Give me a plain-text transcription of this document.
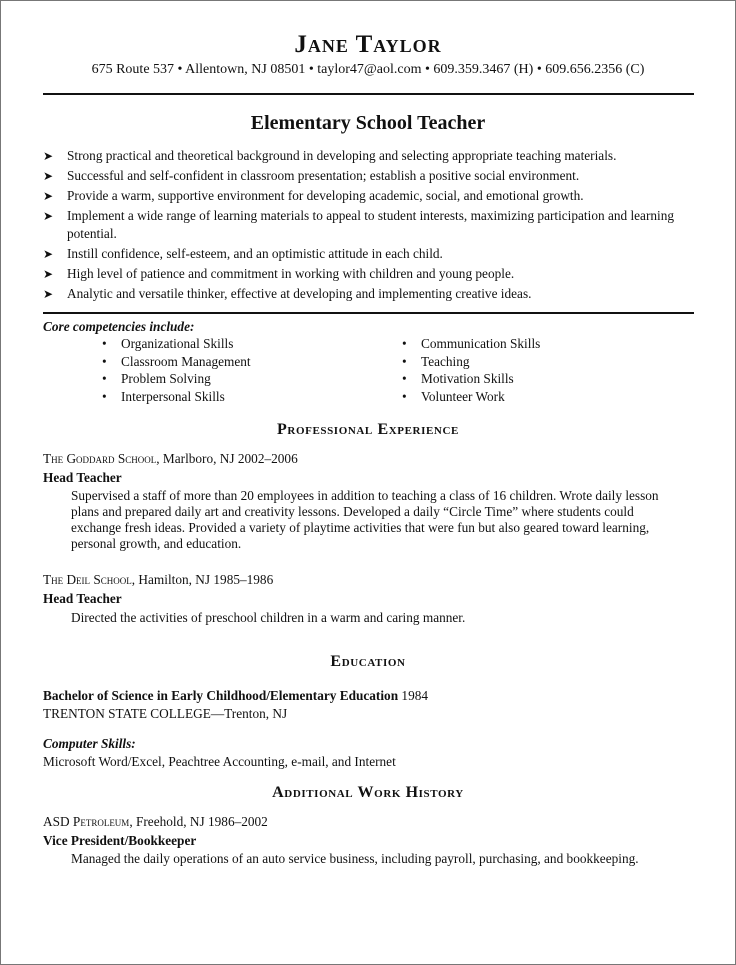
Jane Taylor
675 Route 537 • Allentown, NJ 08501 • taylor47@aol.com • 609.359.3467 (H) • 609.656.2356 (C)
Elementary School Teacher
➤ Strong practical and theoretical background in developing and selecting appropriate teaching materials.
➤ Successful and self-confident in classroom presentation; establish a positive social environment.
➤ Provide a warm, supportive environment for developing academic, social, and emotional growth.
➤ Implement a wide range of learning materials to appeal to student interests, maximizing participation and learning potential.
➤ Instill confidence, self-esteem, and an optimistic attitude in each child.
➤ High level of patience and commitment in working with children and young people.
➤ Analytic and versatile thinker, effective at developing and implementing creative ideas.
Core competencies include:
• Organizational Skills
• Classroom Management
• Problem Solving
• Interpersonal Skills
• Communication Skills
• Teaching
• Motivation Skills
• Volunteer Work
Professional Experience
The Goddard School, Marlboro, NJ 2002–2006
Head Teacher
Supervised a staff of more than 20 employees in addition to teaching a class of 16 children. Wrote daily lesson plans and prepared daily art and creativity lessons. Developed a daily “Circle Time” where students could exchange fresh ideas. Provided a variety of playtime activities that were fun but also geared toward learning, personal growth, and education.
The Deil School, Hamilton, NJ 1985–1986
Head Teacher
Directed the activities of preschool children in a warm and caring manner.
Education
Bachelor of Science in Early Childhood/Elementary Education 1984
TRENTON STATE COLLEGE—Trenton, NJ
Computer Skills:
Microsoft Word/Excel, Peachtree Accounting, e-mail, and Internet
Additional Work History
ASD Petroleum, Freehold, NJ 1986–2002
Vice President/Bookkeeper
Managed the daily operations of an auto service business, including payroll, purchasing, and bookkeeping.
